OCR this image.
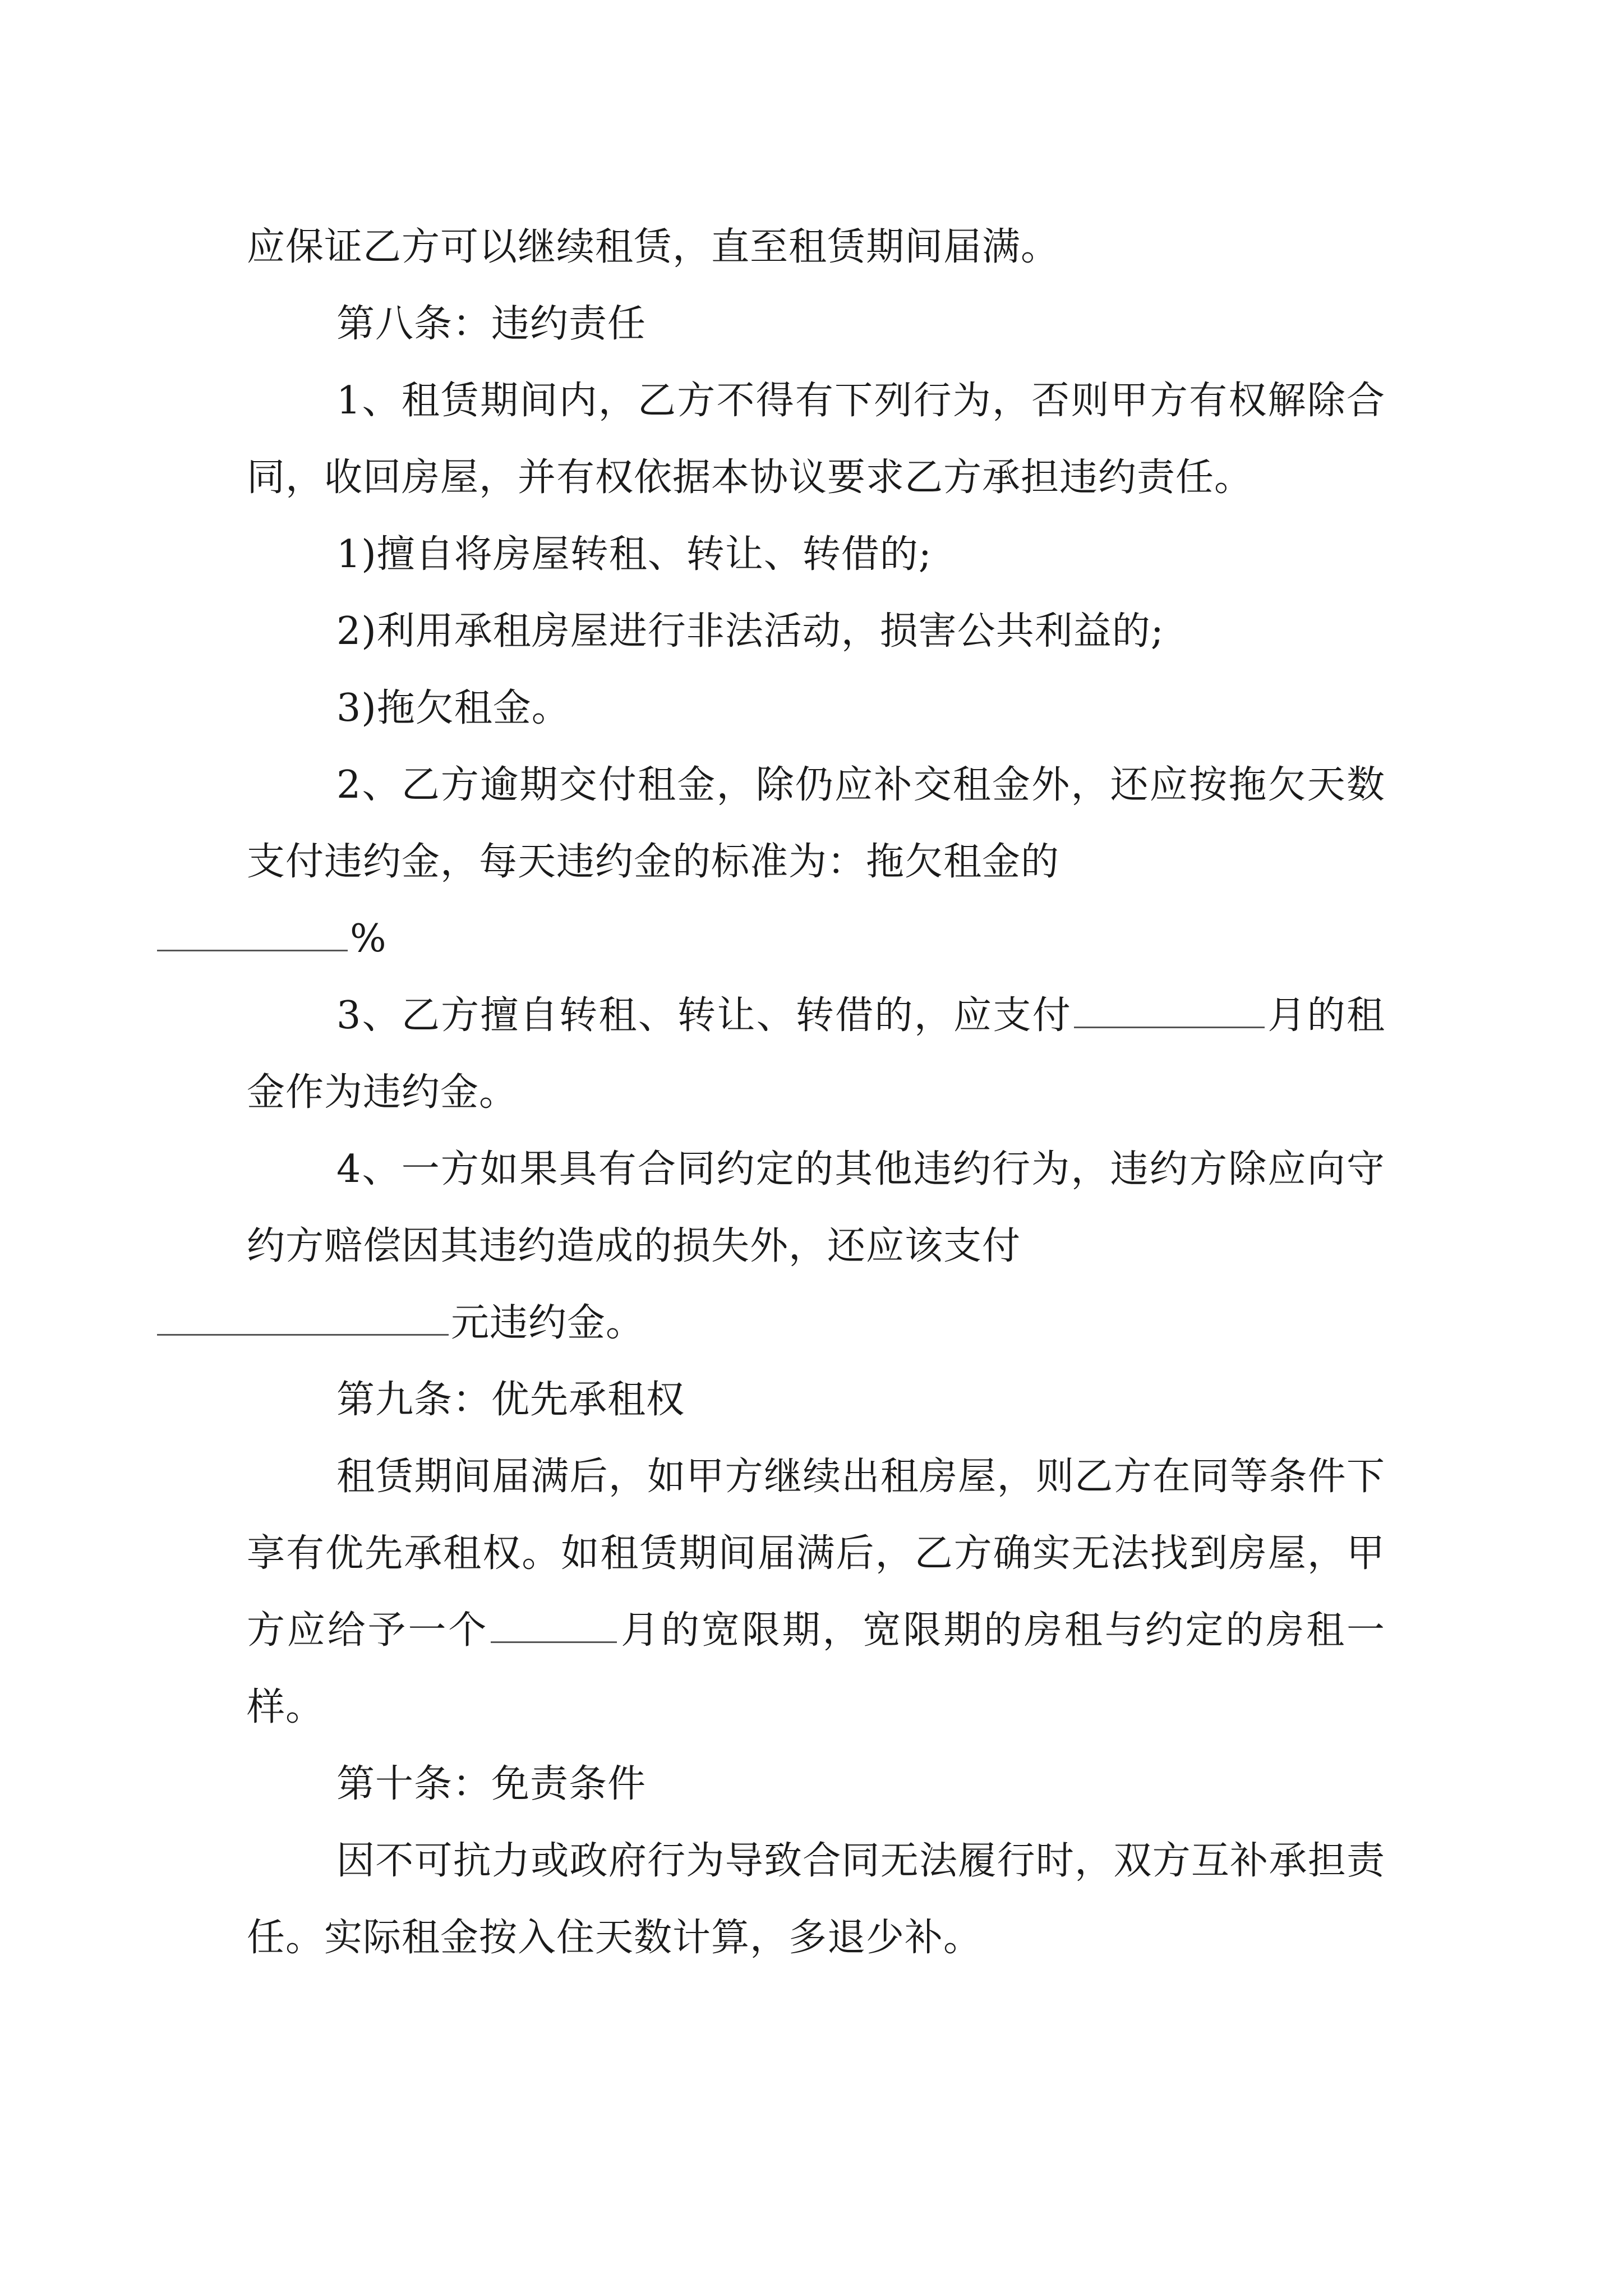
应保证乙方可以继续租赁，直至租赁期间届满。

第八条：违约责任

1、租赁期间内，乙方不得有下列行为，否则甲方有权解除合同，收回房屋，并有权依据本协议要求乙方承担违约责任。

1)擅自将房屋转租、转让、转借的;

2)利用承租房屋进行非法活动，损害公共利益的;

3)拖欠租金。

2、乙方逾期交付租金，除仍应补交租金外，还应按拖欠天数支付违约金，每天违约金的标准为：拖欠租金的
%

3、乙方擅自转租、转让、转借的，应支付	月的租金作为违约金。

4、一方如果具有合同约定的其他违约行为，违约方除应向守约方赔偿因其违约造成的损失外，还应该支付
元违约金。

第九条：优先承租权

租赁期间届满后，如甲方继续出租房屋，则乙方在同等条件下享有优先承租权。如租赁期间届满后，乙方确实无法找到房屋，甲方应给予一个	月的宽限期，宽限期的房租与约定的房租一样。

第十条：免责条件

因不可抗力或政府行为导致合同无法履行时，双方互补承担责任。实际租金按入住天数计算，多退少补。
